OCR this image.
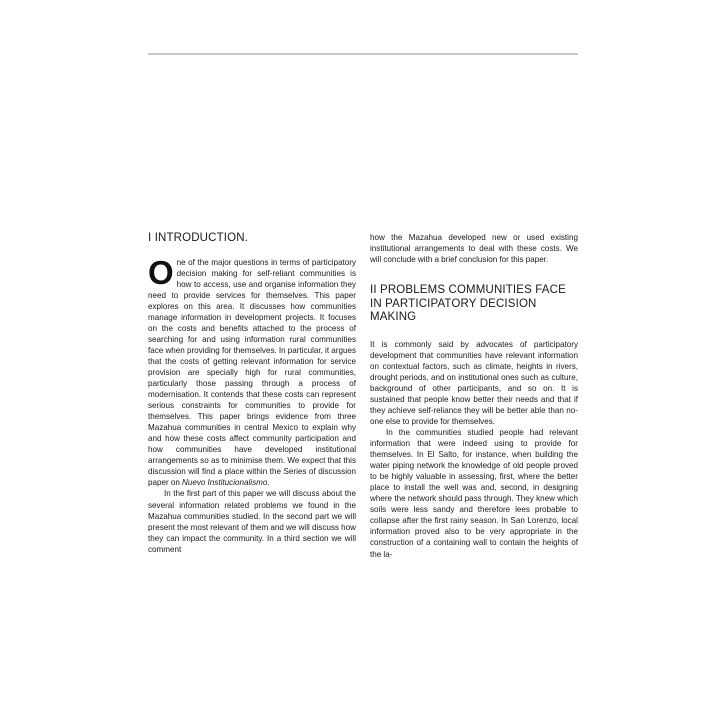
I INTRODUCTION.

One of the major questions in terms of participatory decision making for self-reliant communities is how to access, use and organise information they need to provide services for themselves. This paper explores on this area. It discusses how communities manage information in development projects. It focuses on the costs and benefits attached to the process of searching for and using information rural communities face when providing for themselves. In particular, it argues that the costs of getting relevant information for service provision are specially high for rural communities, particularly those passing through a process of modernisation. It contends that these costs can represent serious constraints for communities to provide for themselves. This paper brings evidence from three Mazahua communities in central Mexico to explain why and how these costs affect community participation and how communities have developed institutional arrangements so as to minimise them. We expect that this discussion will find a place within the Series of discussion paper on Nuevo Institucionalismo.

In the first part of this paper we will discuss about the several information related problems we found in the Mazahua communities studied. In the second part we will present the most relevant of them and we will discuss how they can impact the community. In a third section we will comment

how the Mazahua developed new or used existing institutional arrangements to deal with these costs. We will conclude with a brief conclusion for this paper.

II PROBLEMS COMMUNITIES FACE IN PARTICIPATORY DECISION MAKING

It is commonly said by advocates of participatory development that communities have relevant information on contextual factors, such as climate, heights in rivers, drought periods, and on institutional ones such as culture, background of other participants, and so on. It is sustained that people know better their needs and that if they achieve self-reliance they will be better able than no-one else to provide for themselves.

In the communities studied people had relevant information that were indeed using to provide for themselves. In El Salto, for instance, when building the water piping network the knowledge of old people proved to be highly valuable in assessing, first, where the better place to install the well was and, second, in designing where the network should pass through. They knew which soils were less sandy and therefore lees probable to collapse after the first rainy season. In San Lorenzo, local information proved also to be very appropriate in the construction of a containing wall to contain the heights of the la-
